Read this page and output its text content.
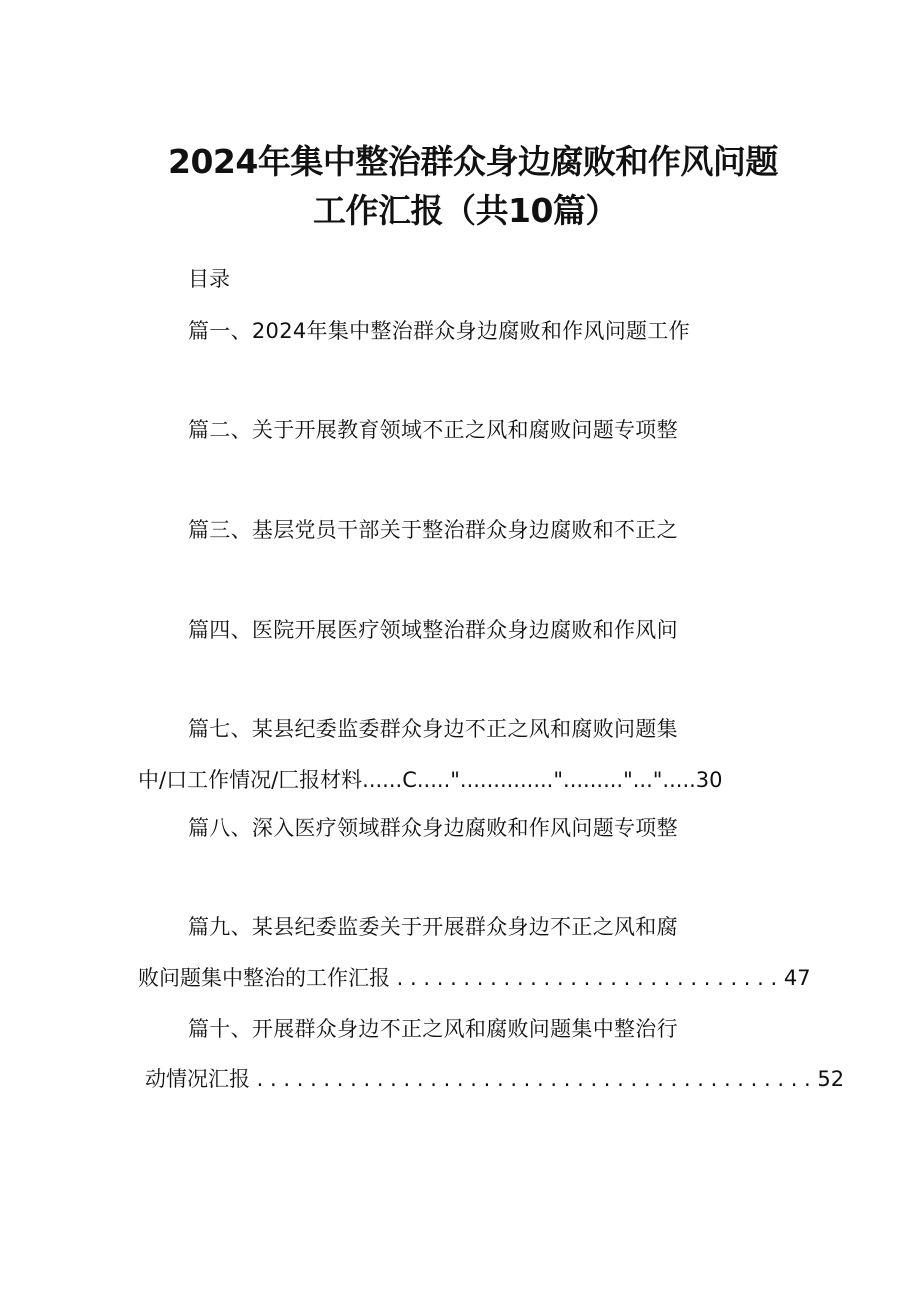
2024年集中整治群众身边腐败和作风问题
工作汇报（共10篇）
目录
篇一、2024年集中整治群众身边腐败和作风问题工作
篇二、关于开展教育领域不正之风和腐败问题专项整
篇三、基层党员干部关于整治群众身边腐败和不正之
篇四、医院开展医疗领域整治群众身边腐败和作风问
篇七、某县纪委监委群众身边不正之风和腐败问题集
中/口工作情况/匚报材料......C.....".............."........."...".....30
篇八、深入医疗领域群众身边腐败和作风问题专项整
篇九、某县纪委监委关于开展群众身边不正之风和腐
败问题集中整治的工作汇报 . . . . . . . . . . . . . . . . . . . . . . . . . . . . . 47
篇十、开展群众身边不正之风和腐败问题集中整治行
动情况汇报 . . . . . . . . . . . . . . . . . . . . . . . . . . . . . . . . . . . . . . . . . . 52
